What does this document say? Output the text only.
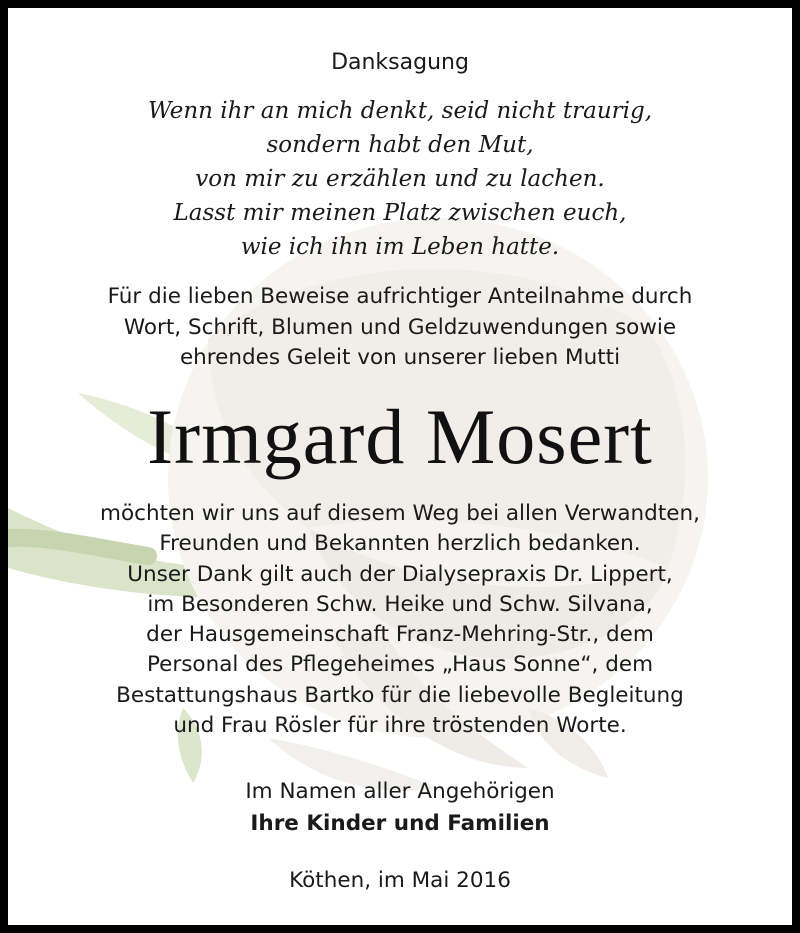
Danksagung
Wenn ihr an mich denkt, seid nicht traurig,
sondern habt den Mut,
von mir zu erzählen und zu lachen.
Lasst mir meinen Platz zwischen euch,
wie ich ihn im Leben hatte.
Für die lieben Beweise aufrichtiger Anteilnahme durch
Wort, Schrift, Blumen und Geldzuwendungen sowie
ehrendes Geleit von unserer lieben Mutti
Irmgard Mosert
möchten wir uns auf diesem Weg bei allen Verwandten,
Freunden und Bekannten herzlich bedanken.
Unser Dank gilt auch der Dialysepraxis Dr. Lippert,
im Besonderen Schw. Heike und Schw. Silvana,
der Hausgemeinschaft Franz-Mehring-Str., dem
Personal des Pflegeheimes „Haus Sonne“, dem
Bestattungshaus Bartko für die liebevolle Begleitung
und Frau Rösler für ihre tröstenden Worte.
Im Namen aller Angehörigen
Ihre Kinder und Familien
Köthen, im Mai 2016
